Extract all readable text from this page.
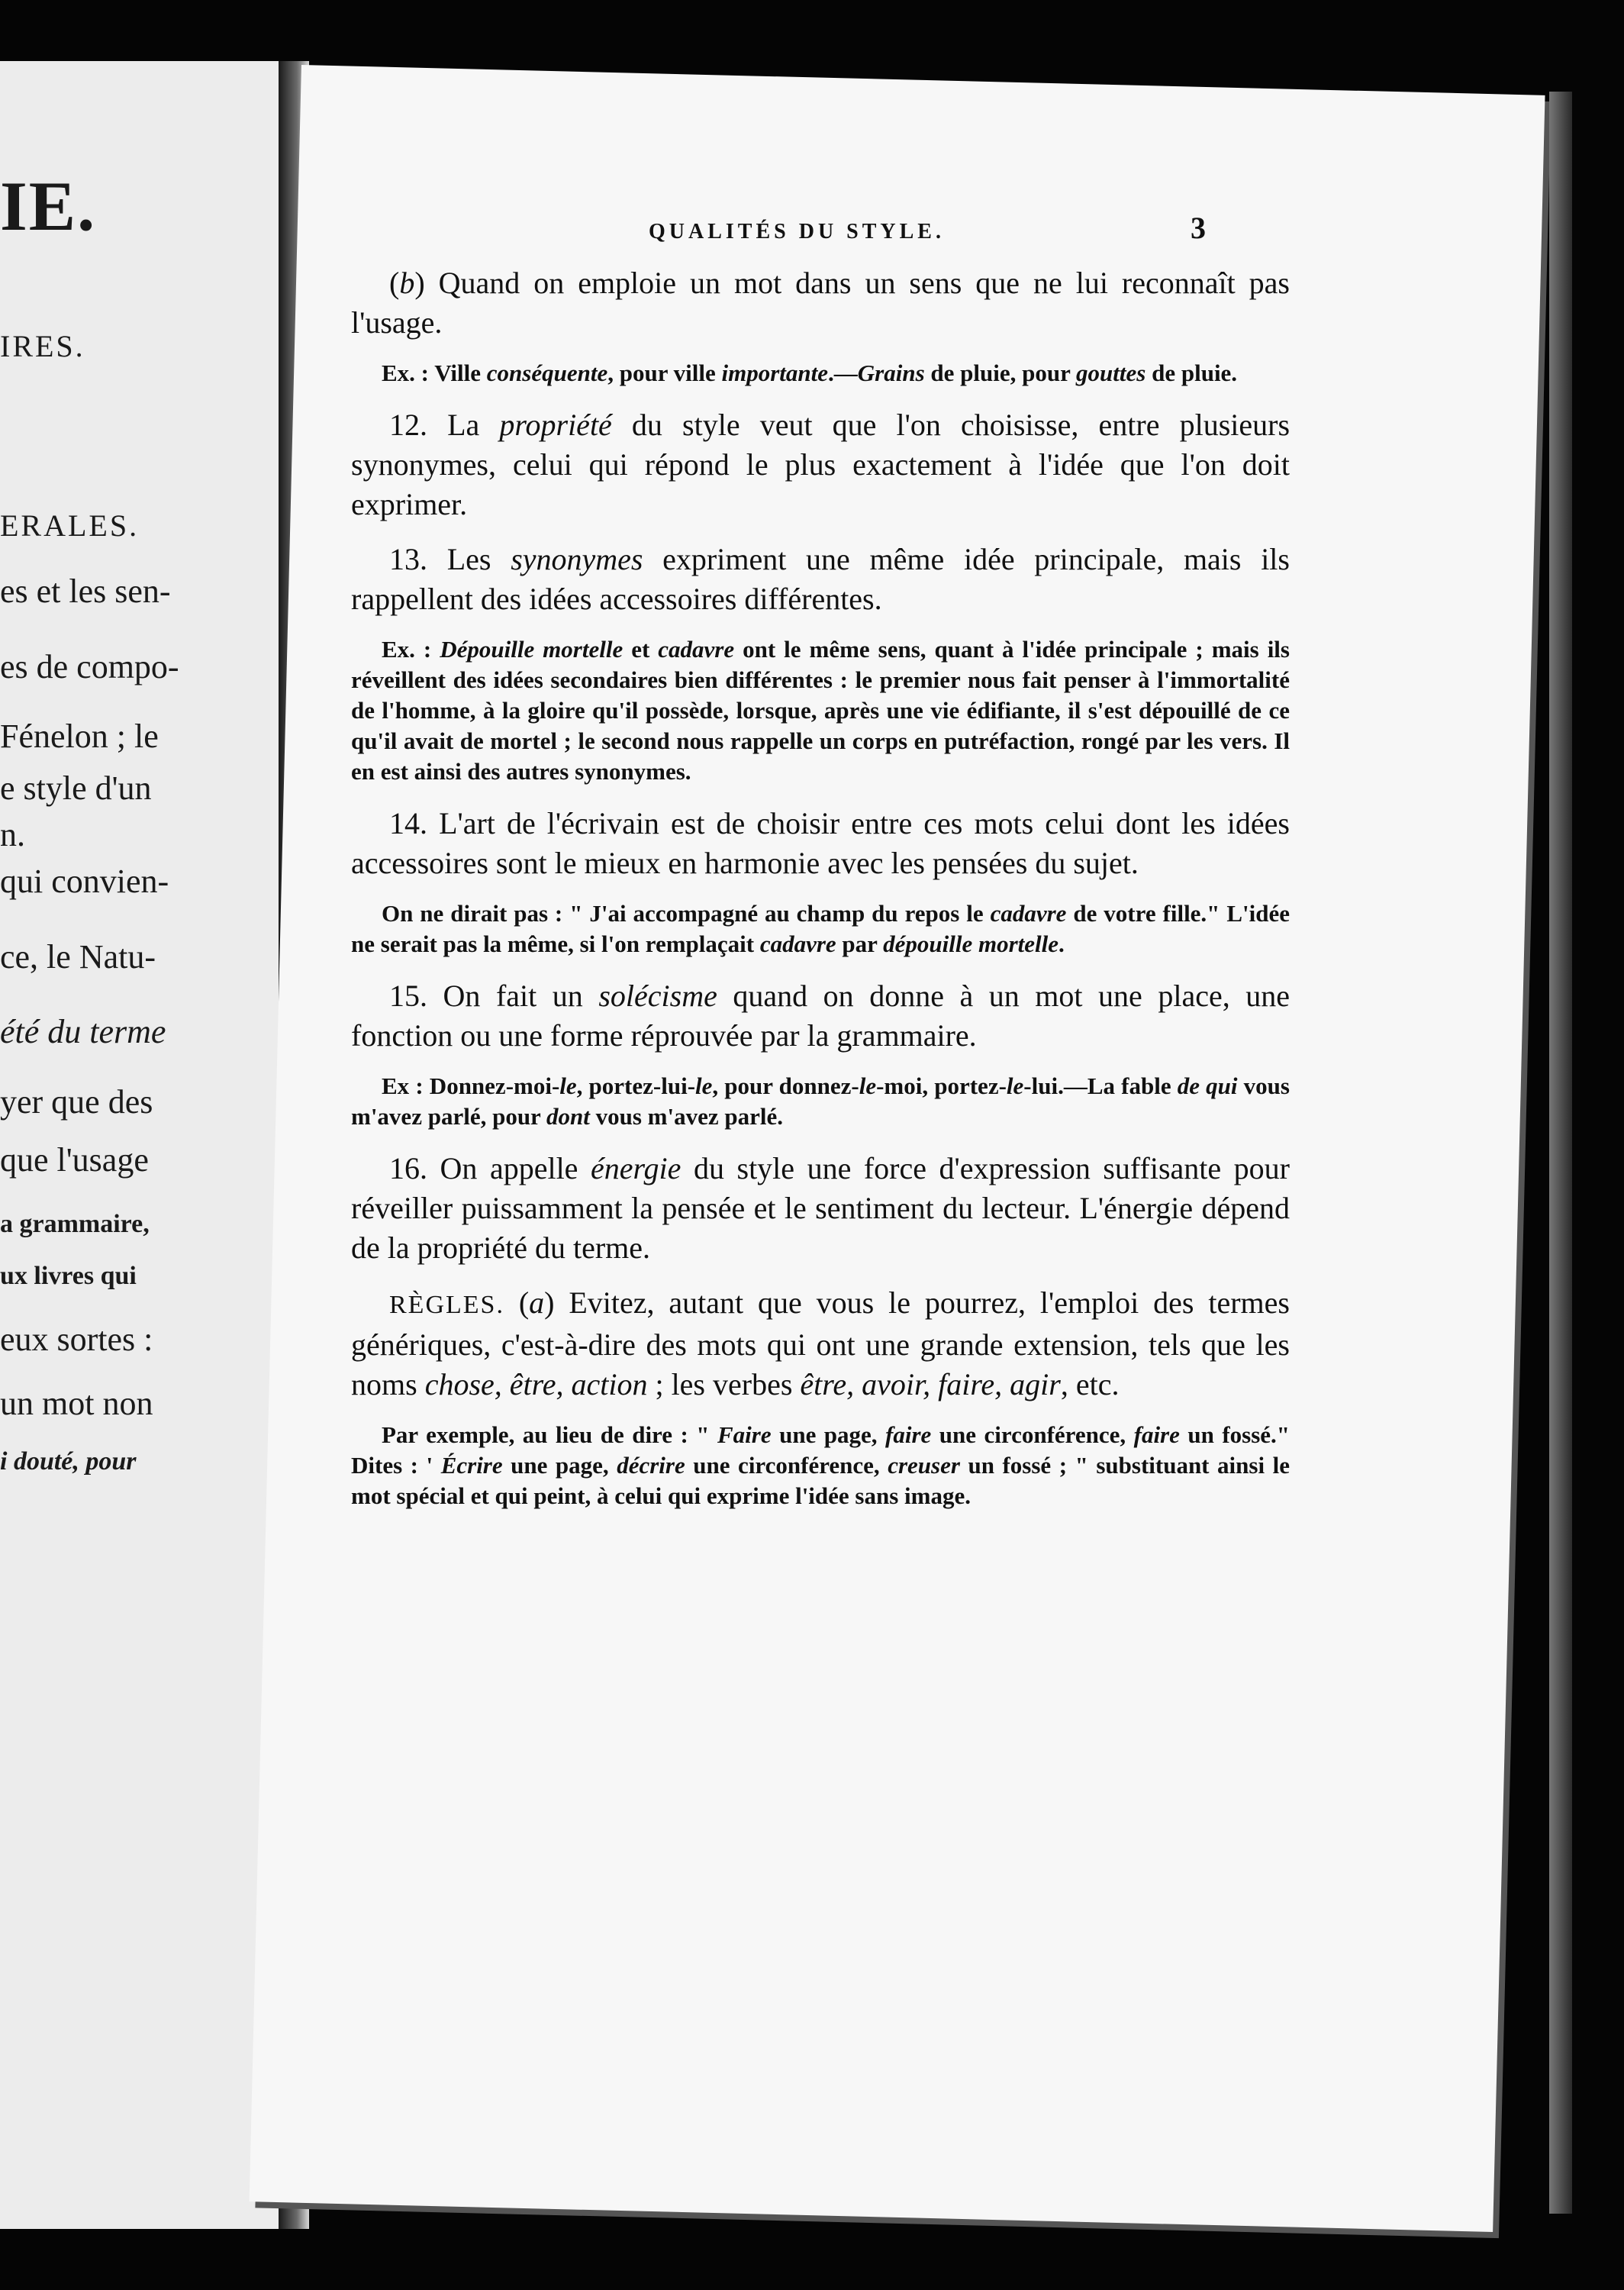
IE.
IRES.
ERALES.
es et les sen-
es de compo-
Fénelon ; le
e style d'un
n.
qui convien-
ce, le Natu-
été du terme
yer que des
que l'usage
a grammaire,
ux livres qui
eux sortes :
un mot non
i douté, pour
QUALITÉS DU STYLE.	3

(b) Quand on emploie un mot dans un sens que ne lui reconnaît pas l'usage.

Ex. : Ville conséquente, pour ville importante.—Grains de pluie, pour gouttes de pluie.

12. La propriété du style veut que l'on choisisse, entre plusieurs synonymes, celui qui répond le plus exactement à l'idée que l'on doit exprimer.

13. Les synonymes expriment une même idée principale, mais ils rappellent des idées accessoires différentes.

Ex. : Dépouille mortelle et cadavre ont le même sens, quant à l'idée principale ; mais ils réveillent des idées secondaires bien différentes : le premier nous fait penser à l'immortalité de l'homme, à la gloire qu'il possède, lorsque, après une vie édifiante, il s'est dépouillé de ce qu'il avait de mortel ; le second nous rappelle un corps en putréfaction, rongé par les vers. Il en est ainsi des autres synonymes.

14. L'art de l'écrivain est de choisir entre ces mots celui dont les idées accessoires sont le mieux en harmonie avec les pensées du sujet.

On ne dirait pas : " J'ai accompagné au champ du repos le cadavre de votre fille." L'idée ne serait pas la même, si l'on remplaçait cadavre par dépouille mortelle.

15. On fait un solécisme quand on donne à un mot une place, une fonction ou une forme réprouvée par la grammaire.

Ex : Donnez-moi-le, portez-lui-le, pour donnez-le-moi, portez-le-lui.—La fable de qui vous m'avez parlé, pour dont vous m'avez parlé.

16. On appelle énergie du style une force d'expression suffisante pour réveiller puissamment la pensée et le sentiment du lecteur. L'énergie dépend de la propriété du terme.

RÈGLES. (a) Evitez, autant que vous le pourrez, l'emploi des termes génériques, c'est-à-dire des mots qui ont une grande extension, tels que les noms chose, être, action ; les verbes être, avoir, faire, agir, etc.

Par exemple, au lieu de dire : " Faire une page, faire une circonférence, faire un fossé." Dites : ' Écrire une page, décrire une circonférence, creuser un fossé ; " substituant ainsi le mot spécial et qui peint, à celui qui exprime l'idée sans image.
